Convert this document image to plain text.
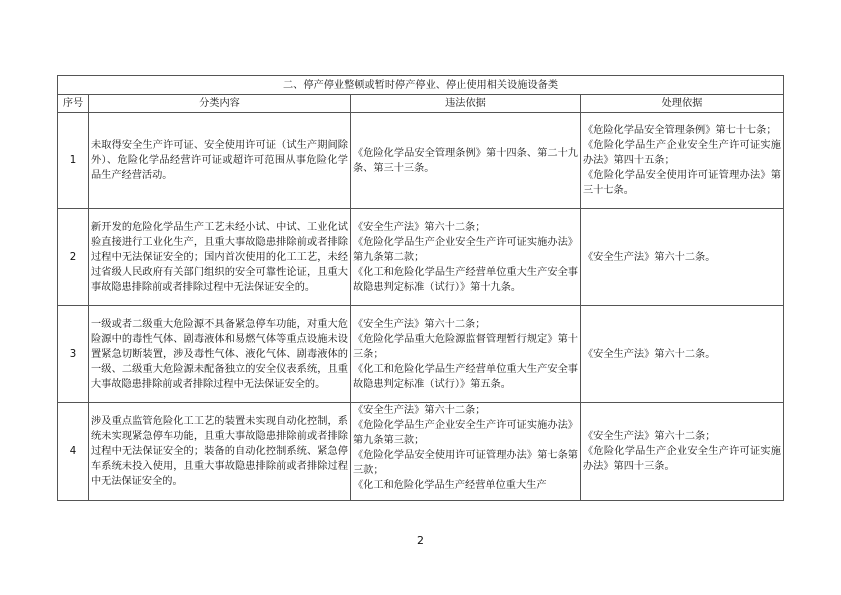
二、停产停业整顿或暂时停产停业、停止使用相关设施设备类			
序号	分类内容	违法依据	处理依据
1	未取得安全生产许可证、安全使用许可证（试生产期间除外）、危险化学品经营许可证或超许可范围从事危险化学品生产经营活动。	《危险化学品安全管理条例》第十四条、第二十九条、第三十三条。	《危险化学品安全管理条例》第七十七条；
《危险化学品生产企业安全生产许可证实施办法》第四十五条；
《危险化学品安全使用许可证管理办法》第三十七条。

2	新开发的危险化学品生产工艺未经小试、中试、工业化试验直接进行工业化生产，且重大事故隐患排除前或者排除过程中无法保证安全的；国内首次使用的化工工艺，未经过省级人民政府有关部门组织的安全可靠性论证，且重大事故隐患排除前或者排除过程中无法保证安全的。	《安全生产法》第六十二条；
《危险化学品生产企业安全生产许可证实施办法》第九条第二款；
《化工和危险化学品生产经营单位重大生产安全事故隐患判定标准（试行）》第十九条。	《安全生产法》第六十二条。

3	一级或者二级重大危险源不具备紧急停车功能，对重大危险源中的毒性气体、剧毒液体和易燃气体等重点设施未设置紧急切断装置，涉及毒性气体、液化气体、剧毒液体的一级、二级重大危险源未配备独立的安全仪表系统，且重大事故隐患排除前或者排除过程中无法保证安全的。	《安全生产法》第六十二条；
《危险化学品重大危险源监督管理暂行规定》第十三条；
《化工和危险化学品生产经营单位重大生产安全事故隐患判定标准（试行）》第五条。	《安全生产法》第六十二条。

4	涉及重点监管危险化工工艺的装置未实现自动化控制，系统未实现紧急停车功能，且重大事故隐患排除前或者排除过程中无法保证安全的；装备的自动化控制系统、紧急停车系统未投入使用，且重大事故隐患排除前或者排除过程中无法保证安全的。	《安全生产法》第六十二条；
《危险化学品生产企业安全生产许可证实施办法》第九条第三款；
《危险化学品安全使用许可证管理办法》第七条第三款；
《化工和危险化学品生产经营单位重大生产	《安全生产法》第六十二条；
《危险化学品生产企业安全生产许可证实施办法》第四十三条。
2
